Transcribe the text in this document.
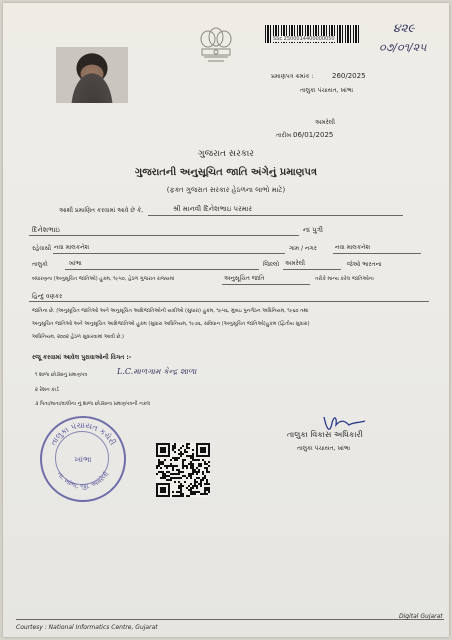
૪૨૯
૦૭/૦૧/૨૫
SSc 2500014400000050
પ્રમાણપત્ર ક્રમાંક :	260/2025
તાલુકા પંચાયત, ખાંભા
અમરેલી
તારીખ :
06/01/2025
ગુજરાત સરકાર
ગુજરાતની અનુસૂચિત જાતિ અંગેનું પ્રમાણપત્ર
(ફક્ત ગુજરાત સરકાર હેઠળના લાભો માટે)
આથી પ્રમાણિત કરવામાં આવે છે કે,	શ્રી માનવી દિનેશભાઇ પરમાર
દિનેશભાઇ	ના પુત્રી
રહેવાસી નવા માલકનેશ	ગામ / નગર	નવા માલકનેશ
તાલુકો	ખાંભા	જિલ્લો અમરેલી	જેઓ ભારતના
બંધારણના (અનુસૂચિત જાતિઓ) હુકમ, ૧૯૫૦, હેઠળ ગુજરાત રાજ્યમાં	અનુસૂચિત જાતિ	તરીકે માન્ય કરેલ જાતિઓના
હિન્દુ વણકર
જાતિના છે. (અનુસૂચિત જાતિઓ અને અનુસૂચિત આદિજાતિઓની યાદીઓ (સુધારા) હુકમ, ૧૯૫૬, મુંબઇ પુનર્ગઠન અધિનિયમ, ૧૯૬૦ તથા
અનુસૂચિત જાતિઓ અને અનુસૂચિત આદિજાતિઓ હુકમ (સુધારા અધિનિયમ, ૧૯૭૬, સંવિધાન (અનુસૂચિત જાતિઓ)હુકમ (દ્વિતીય સુધારા)
અધિનિયમ, ૨૦૦૨ હેઠળ સુધારવામાં આવી છે.)
રજૂ કરવામાં આવેલ પુરાવાઓની વિગત :-
૧ શાળા છોડ્યાનું પ્રમાણપત્ર	L.C.માળગામ કેન્દ્ર શાળા
૨ રેશન કાર્ડ
૩ પિતા/માતા/વાલીના નું શાળા છોડ્યાના પ્રમાણપત્રની નકલ
તાલુકા વિકાસ અધિકારી
તાલુકા પંચાયત, ખાંભા
તાલુકા પંચાયત કચેરી
ખાંભા
તા. ખાંભા, જી. અમરેલી
Courtesy : National Informatics Centre, Gujarat
Digital Gujarat
